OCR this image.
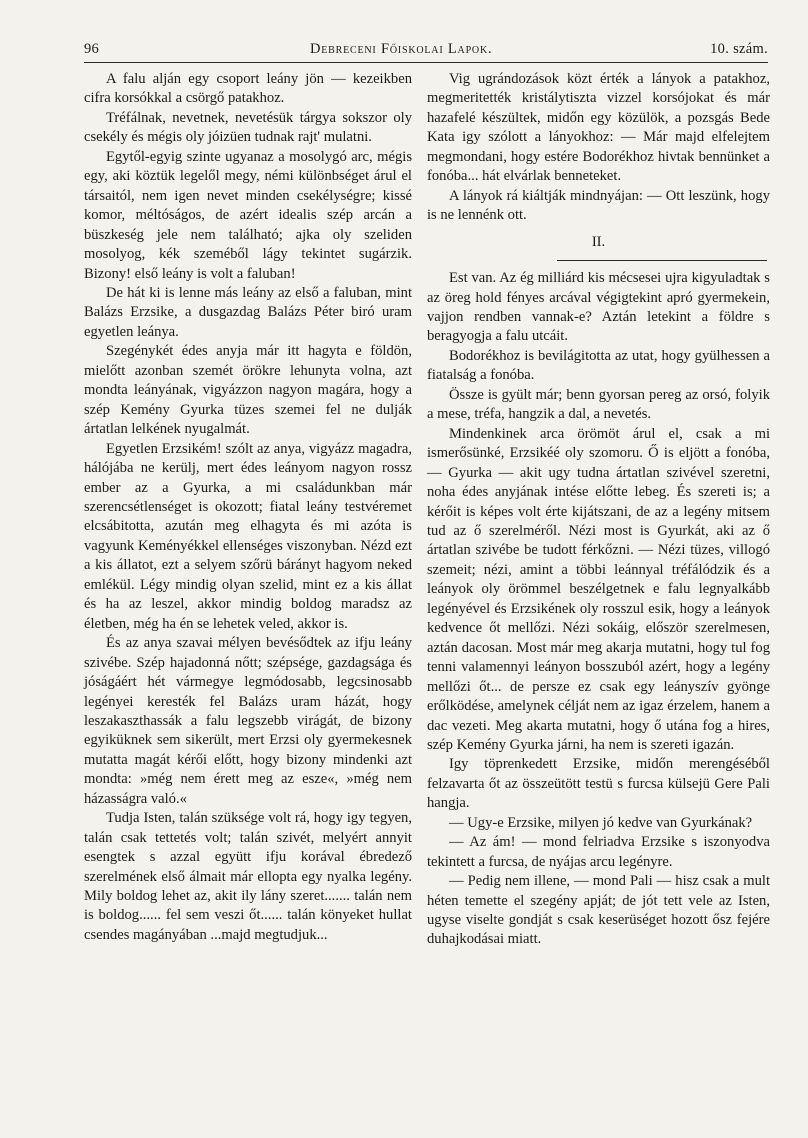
96	Debreceni Főiskolai Lapok.	10. szám.

A falu alján egy csoport leány jön — kezeikben cifra korsókkal a csörgő patakhoz.

Tréfálnak, nevetnek, nevetésük tárgya sokszor oly csekély és mégis oly jóizüen tudnak rajt' mulatni.

Egytől-egyig szinte ugyanaz a mosolygó arc, mégis egy, aki köztük legelől megy, némi különbséget árul el társaitól, nem igen nevet minden csekélységre; kissé komor, méltóságos, de azért idealis szép arcán a büszkeség jele nem található; ajka oly szeliden mosolyog, kék szeméből lágy tekintet sugárzik. Bizony! első leány is volt a faluban!

De hát ki is lenne más leány az első a faluban, mint Balázs Erzsike, a dusgazdag Balázs Péter biró uram egyetlen leánya.

Szegénykét édes anyja már itt hagyta e földön, mielőtt azonban szemét örökre lehunyta volna, azt mondta leányának, vigyázzon nagyon magára, hogy a szép Kemény Gyurka tüzes szemei fel ne dulják ártatlan lelkének nyugalmát.

Egyetlen Erzsikém! szólt az anya, vigyázz magadra, hálójába ne kerülj, mert édes leányom nagyon rossz ember az a Gyurka, a mi családunkban már szerencsétlenséget is okozott; fiatal leány testvéremet elcsábitotta, azután meg elhagyta és mi azóta is vagyunk Keményékkel ellenséges viszonyban. Nézd ezt a kis állatot, ezt a selyem szőrü bárányt hagyom neked emlékül. Légy mindig olyan szelid, mint ez a kis állat és ha az leszel, akkor mindig boldog maradsz az életben, még ha én se lehetek veled, akkor is.

És az anya szavai mélyen bevésődtek az ifju leány szivébe. Szép hajadonná nőtt; szépsége, gazdagsága és jóságáért hét vármegye legmódosabb, legcsinosabb legényei keresték fel Balázs uram házát, hogy leszakaszthassák a falu legszebb virágát, de bizony egyiküknek sem sikerült, mert Erzsi oly gyermekesnek mutatta magát kérői előtt, hogy bizony mindenki azt mondta: »még nem érett meg az esze«, »még nem házasságra való.«

Tudja Isten, talán szüksége volt rá, hogy igy tegyen, talán csak tettetés volt; talán szivét, melyért annyit esengtek s azzal együtt ifju korával ébredező szerelmének első álmait már ellopta egy nyalka legény. Mily boldog lehet az, akit ily lány szeret....... talán nem is boldog...... fel sem veszi őt...... talán könyeket hullat csendes magányában ...majd megtudjuk...

Vig ugrándozások közt érték a lányok a patakhoz, megmeritették kristálytiszta vizzel korsójokat és már hazafelé készültek, midőn egy közülök, a pozsgás Bede Kata igy szólott a lányokhoz: — Már majd elfelejtem megmondani, hogy estére Bodorékhoz hivtak bennünket a fonóba... hát elvárlak benneteket.

A lányok rá kiáltják mindnyájan: — Ott leszünk, hogy is ne lennénk ott.

II.

Est van. Az ég milliárd kis mécsesei ujra kigyuladtak s az öreg hold fényes arcával végigtekint apró gyermekein, vajjon rendben vannak-e? Aztán letekint a földre s beragyogja a falu utcáit.

Bodorékhoz is bevilágitotta az utat, hogy gyülhessen a fiatalság a fonóba.

Össze is gyült már; benn gyorsan pereg az orsó, folyik a mese, tréfa, hangzik a dal, a nevetés.

Mindenkinek arca örömöt árul el, csak a mi ismerősünké, Erzsikéé oly szomoru. Ő is eljött a fonóba, — Gyurka — akit ugy tudna ártatlan szivével szeretni, noha édes anyjának intése előtte lebeg. És szereti is; a kérőit is képes volt érte kijátszani, de az a legény mitsem tud az ő szerelméről. Nézi most is Gyurkát, aki az ő ártatlan szivébe be tudott férkőzni. — Nézi tüzes, villogó szemeit; nézi, amint a többi leánnyal tréfálódzik és a leányok oly örömmel beszélgetnek e falu legnyalkább legényével és Erzsikének oly rosszul esik, hogy a leányok kedvence őt mellőzi. Nézi sokáig, először szerelmesen, aztán dacosan. Most már meg akarja mutatni, hogy tul fog tenni valamennyi leányon bosszuból azért, hogy a legény mellőzi őt... de persze ez csak egy leányszív gyönge erőlködése, amelynek célját nem az igaz érzelem, hanem a dac vezeti. Meg akarta mutatni, hogy ő utána fog a hires, szép Kemény Gyurka járni, ha nem is szereti igazán.

Igy töprenkedett Erzsike, midőn merengéséből felzavarta őt az összeütött testü s furcsa külsejü Gere Pali hangja.

— Ugy-e Erzsike, milyen jó kedve van Gyurkának?

— Az ám! — mond felriadva Erzsike s iszonyodva tekintett a furcsa, de nyájas arcu legényre.

— Pedig nem illene, — mond Pali — hisz csak a mult héten temette el szegény apját; de jót tett vele az Isten, ugyse viselte gondját s csak keserüséget hozott ősz fejére duhajkodásai miatt.
